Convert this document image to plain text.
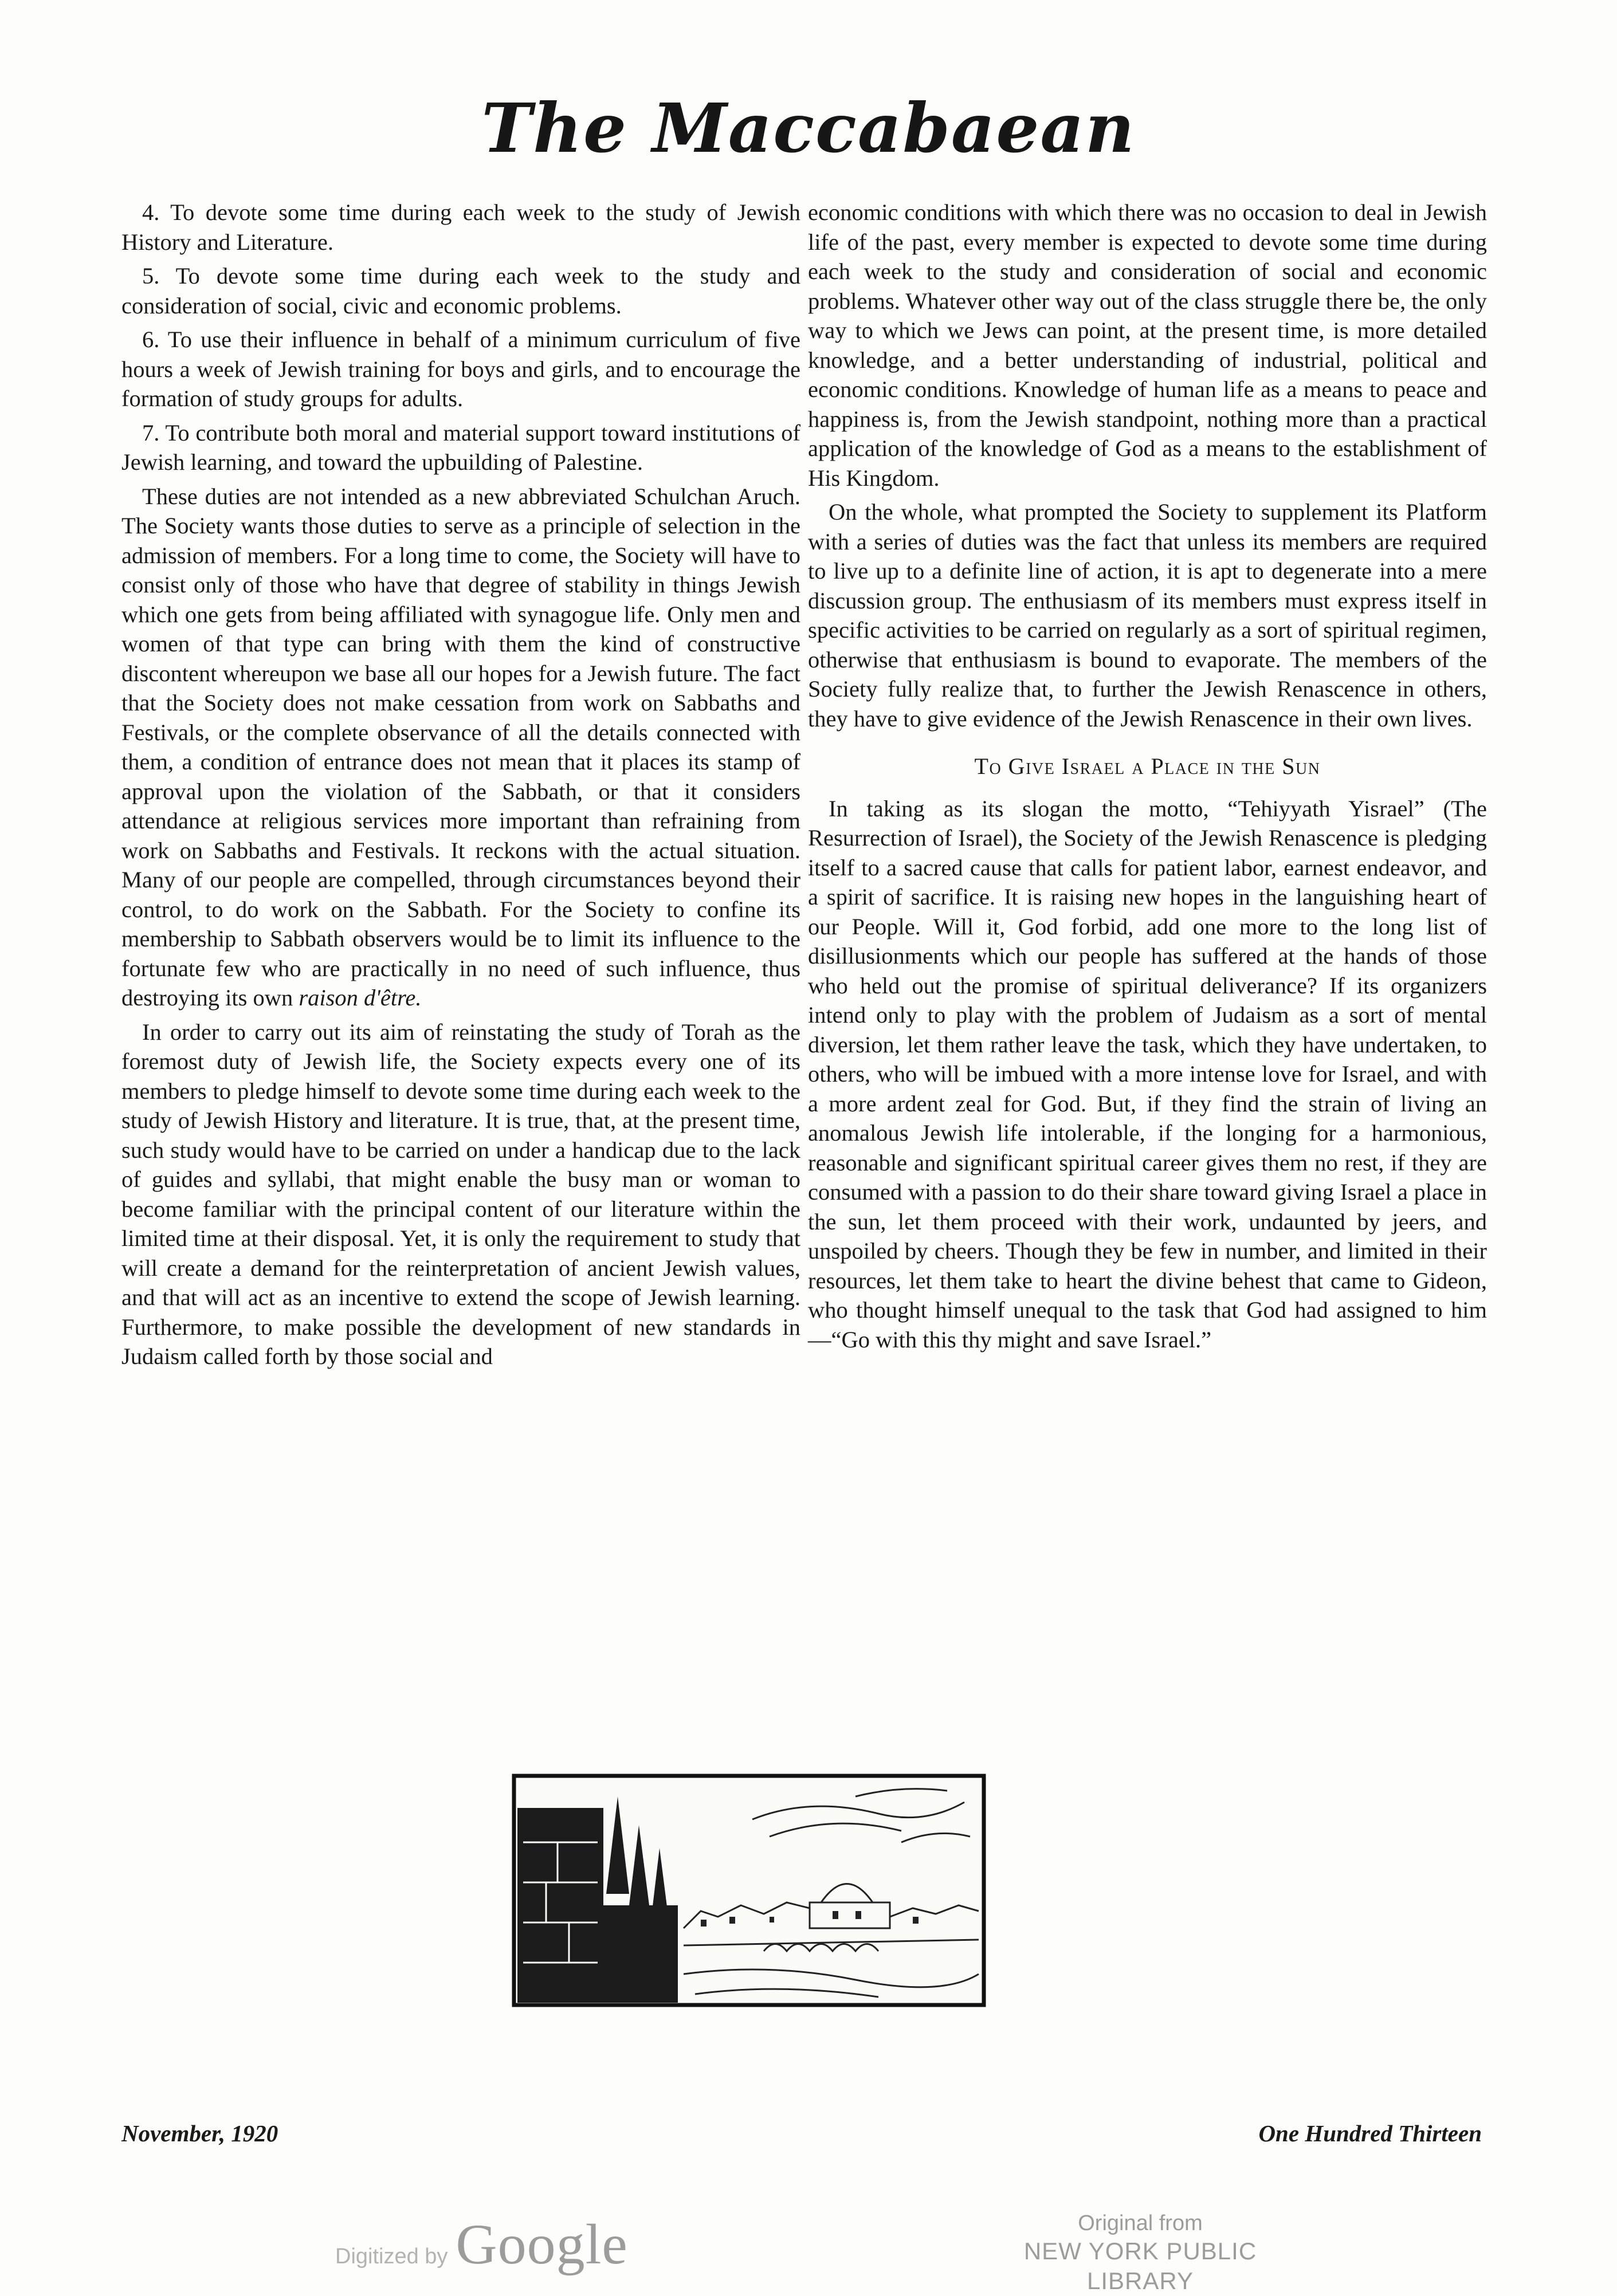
The Maccabaean

4. To devote some time during each week to the study of Jewish History and Literature.

5. To devote some time during each week to the study and consideration of social, civic and economic problems.

6. To use their influence in behalf of a minimum curriculum of five hours a week of Jewish training for boys and girls, and to encourage the formation of study groups for adults.

7. To contribute both moral and material support toward institutions of Jewish learning, and toward the upbuilding of Palestine.

These duties are not intended as a new abbreviated Schulchan Aruch. The Society wants those duties to serve as a principle of selection in the admission of members. For a long time to come, the Society will have to consist only of those who have that degree of stability in things Jewish which one gets from being affiliated with synagogue life. Only men and women of that type can bring with them the kind of constructive discontent whereupon we base all our hopes for a Jewish future. The fact that the Society does not make cessation from work on Sabbaths and Festivals, or the complete observance of all the details connected with them, a condition of entrance does not mean that it places its stamp of approval upon the violation of the Sabbath, or that it considers attendance at religious services more important than refraining from work on Sabbaths and Festivals. It reckons with the actual situation. Many of our people are compelled, through circumstances beyond their control, to do work on the Sabbath. For the Society to confine its membership to Sabbath observers would be to limit its influence to the fortunate few who are practically in no need of such influence, thus destroying its own raison d'être.

In order to carry out its aim of reinstating the study of Torah as the foremost duty of Jewish life, the Society expects every one of its members to pledge himself to devote some time during each week to the study of Jewish History and literature. It is true, that, at the present time, such study would have to be carried on under a handicap due to the lack of guides and syllabi, that might enable the busy man or woman to become familiar with the principal content of our literature within the limited time at their disposal. Yet, it is only the requirement to study that will create a demand for the reinterpretation of ancient Jewish values, and that will act as an incentive to extend the scope of Jewish learning. Furthermore, to make possible the development of new standards in Judaism called forth by those social and

economic conditions with which there was no occasion to deal in Jewish life of the past, every member is expected to devote some time during each week to the study and consideration of social and economic problems. Whatever other way out of the class struggle there be, the only way to which we Jews can point, at the present time, is more detailed knowledge, and a better understanding of industrial, political and economic conditions. Knowledge of human life as a means to peace and happiness is, from the Jewish standpoint, nothing more than a practical application of the knowledge of God as a means to the establishment of His Kingdom.

On the whole, what prompted the Society to supplement its Platform with a series of duties was the fact that unless its members are required to live up to a definite line of action, it is apt to degenerate into a mere discussion group. The enthusiasm of its members must express itself in specific activities to be carried on regularly as a sort of spiritual regimen, otherwise that enthusiasm is bound to evaporate. The members of the Society fully realize that, to further the Jewish Renascence in others, they have to give evidence of the Jewish Renascence in their own lives.

To Give Israel a Place in the Sun

In taking as its slogan the motto, “Tehiyyath Yisrael” (The Resurrection of Israel), the Society of the Jewish Renascence is pledging itself to a sacred cause that calls for patient labor, earnest endeavor, and a spirit of sacrifice. It is raising new hopes in the languishing heart of our People. Will it, God forbid, add one more to the long list of disillusionments which our people has suffered at the hands of those who held out the promise of spiritual deliverance? If its organizers intend only to play with the problem of Judaism as a sort of mental diversion, let them rather leave the task, which they have undertaken, to others, who will be imbued with a more intense love for Israel, and with a more ardent zeal for God. But, if they find the strain of living an anomalous Jewish life intolerable, if the longing for a harmonious, reasonable and significant spiritual career gives them no rest, if they are consumed with a passion to do their share toward giving Israel a place in the sun, let them proceed with their work, undaunted by jeers, and unspoiled by cheers. Though they be few in number, and limited in their resources, let them take to heart the divine behest that came to Gideon, who thought himself unequal to the task that God had assigned to him—“Go with this thy might and save Israel.”

November, 1920	One Hundred Thirteen
Digitized by Google	Original from
NEW YORK PUBLIC LIBRARY
